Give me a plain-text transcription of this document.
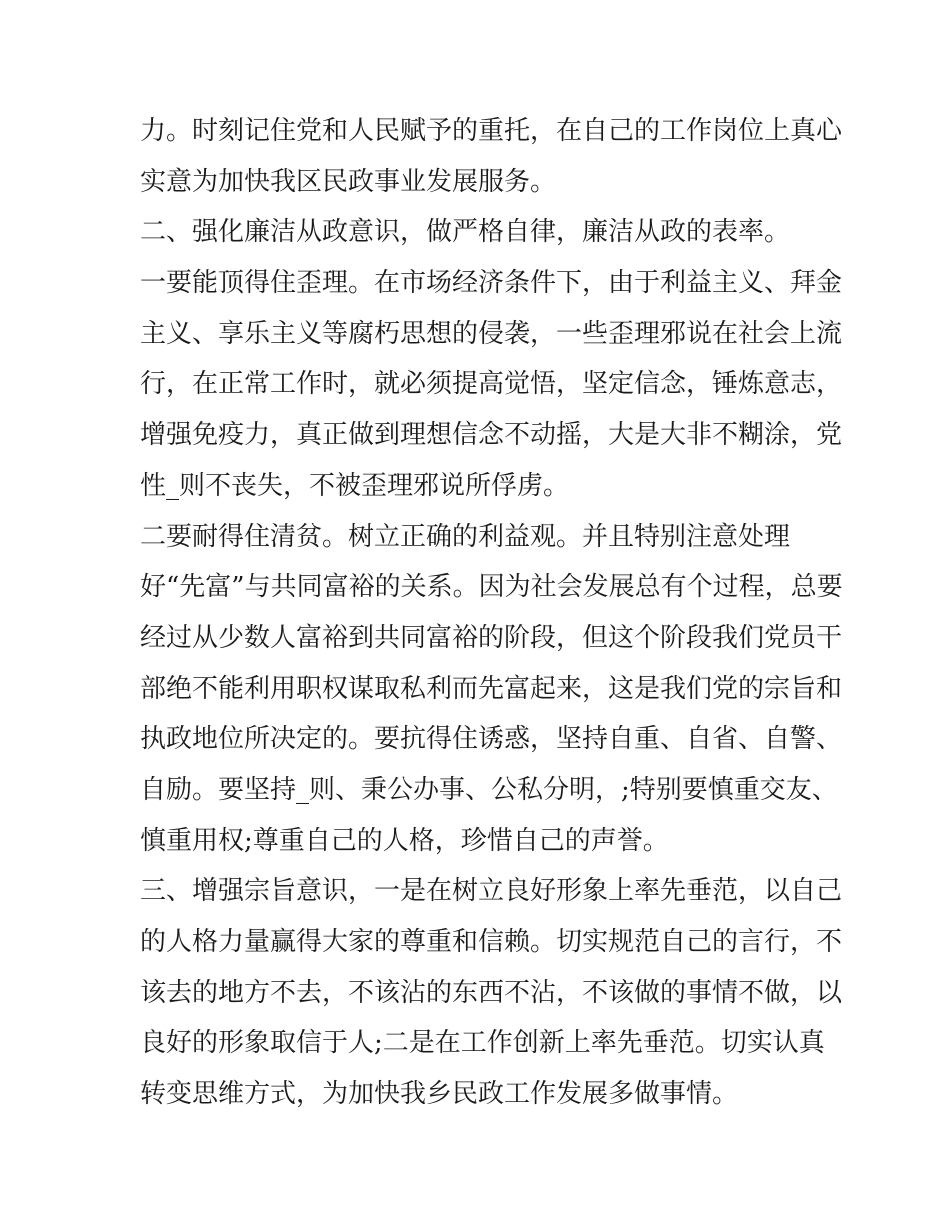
力。时刻记住党和人民赋予的重托，在自己的工作岗位上真心
实意为加快我区民政事业发展服务。
二、强化廉洁从政意识，做严格自律，廉洁从政的表率。
一要能顶得住歪理。在市场经济条件下，由于利益主义、拜金
主义、享乐主义等腐朽思想的侵袭，一些歪理邪说在社会上流
行，在正常工作时，就必须提高觉悟，坚定信念，锤炼意志，
增强免疫力，真正做到理想信念不动摇，大是大非不糊涂，党
性_则不丧失，不被歪理邪说所俘虏。
二要耐得住清贫。树立正确的利益观。并且特别注意处理
好“先富”与共同富裕的关系。因为社会发展总有个过程，总要
经过从少数人富裕到共同富裕的阶段，但这个阶段我们党员干
部绝不能利用职权谋取私利而先富起来，这是我们党的宗旨和
执政地位所决定的。要抗得住诱惑，坚持自重、自省、自警、
自励。要坚持_则、秉公办事、公私分明，;特别要慎重交友、
慎重用权;尊重自己的人格，珍惜自己的声誉。
三、增强宗旨意识，一是在树立良好形象上率先垂范，以自己
的人格力量赢得大家的尊重和信赖。切实规范自己的言行，不
该去的地方不去，不该沾的东西不沾，不该做的事情不做，以
良好的形象取信于人;二是在工作创新上率先垂范。切实认真
转变思维方式，为加快我乡民政工作发展多做事情。
